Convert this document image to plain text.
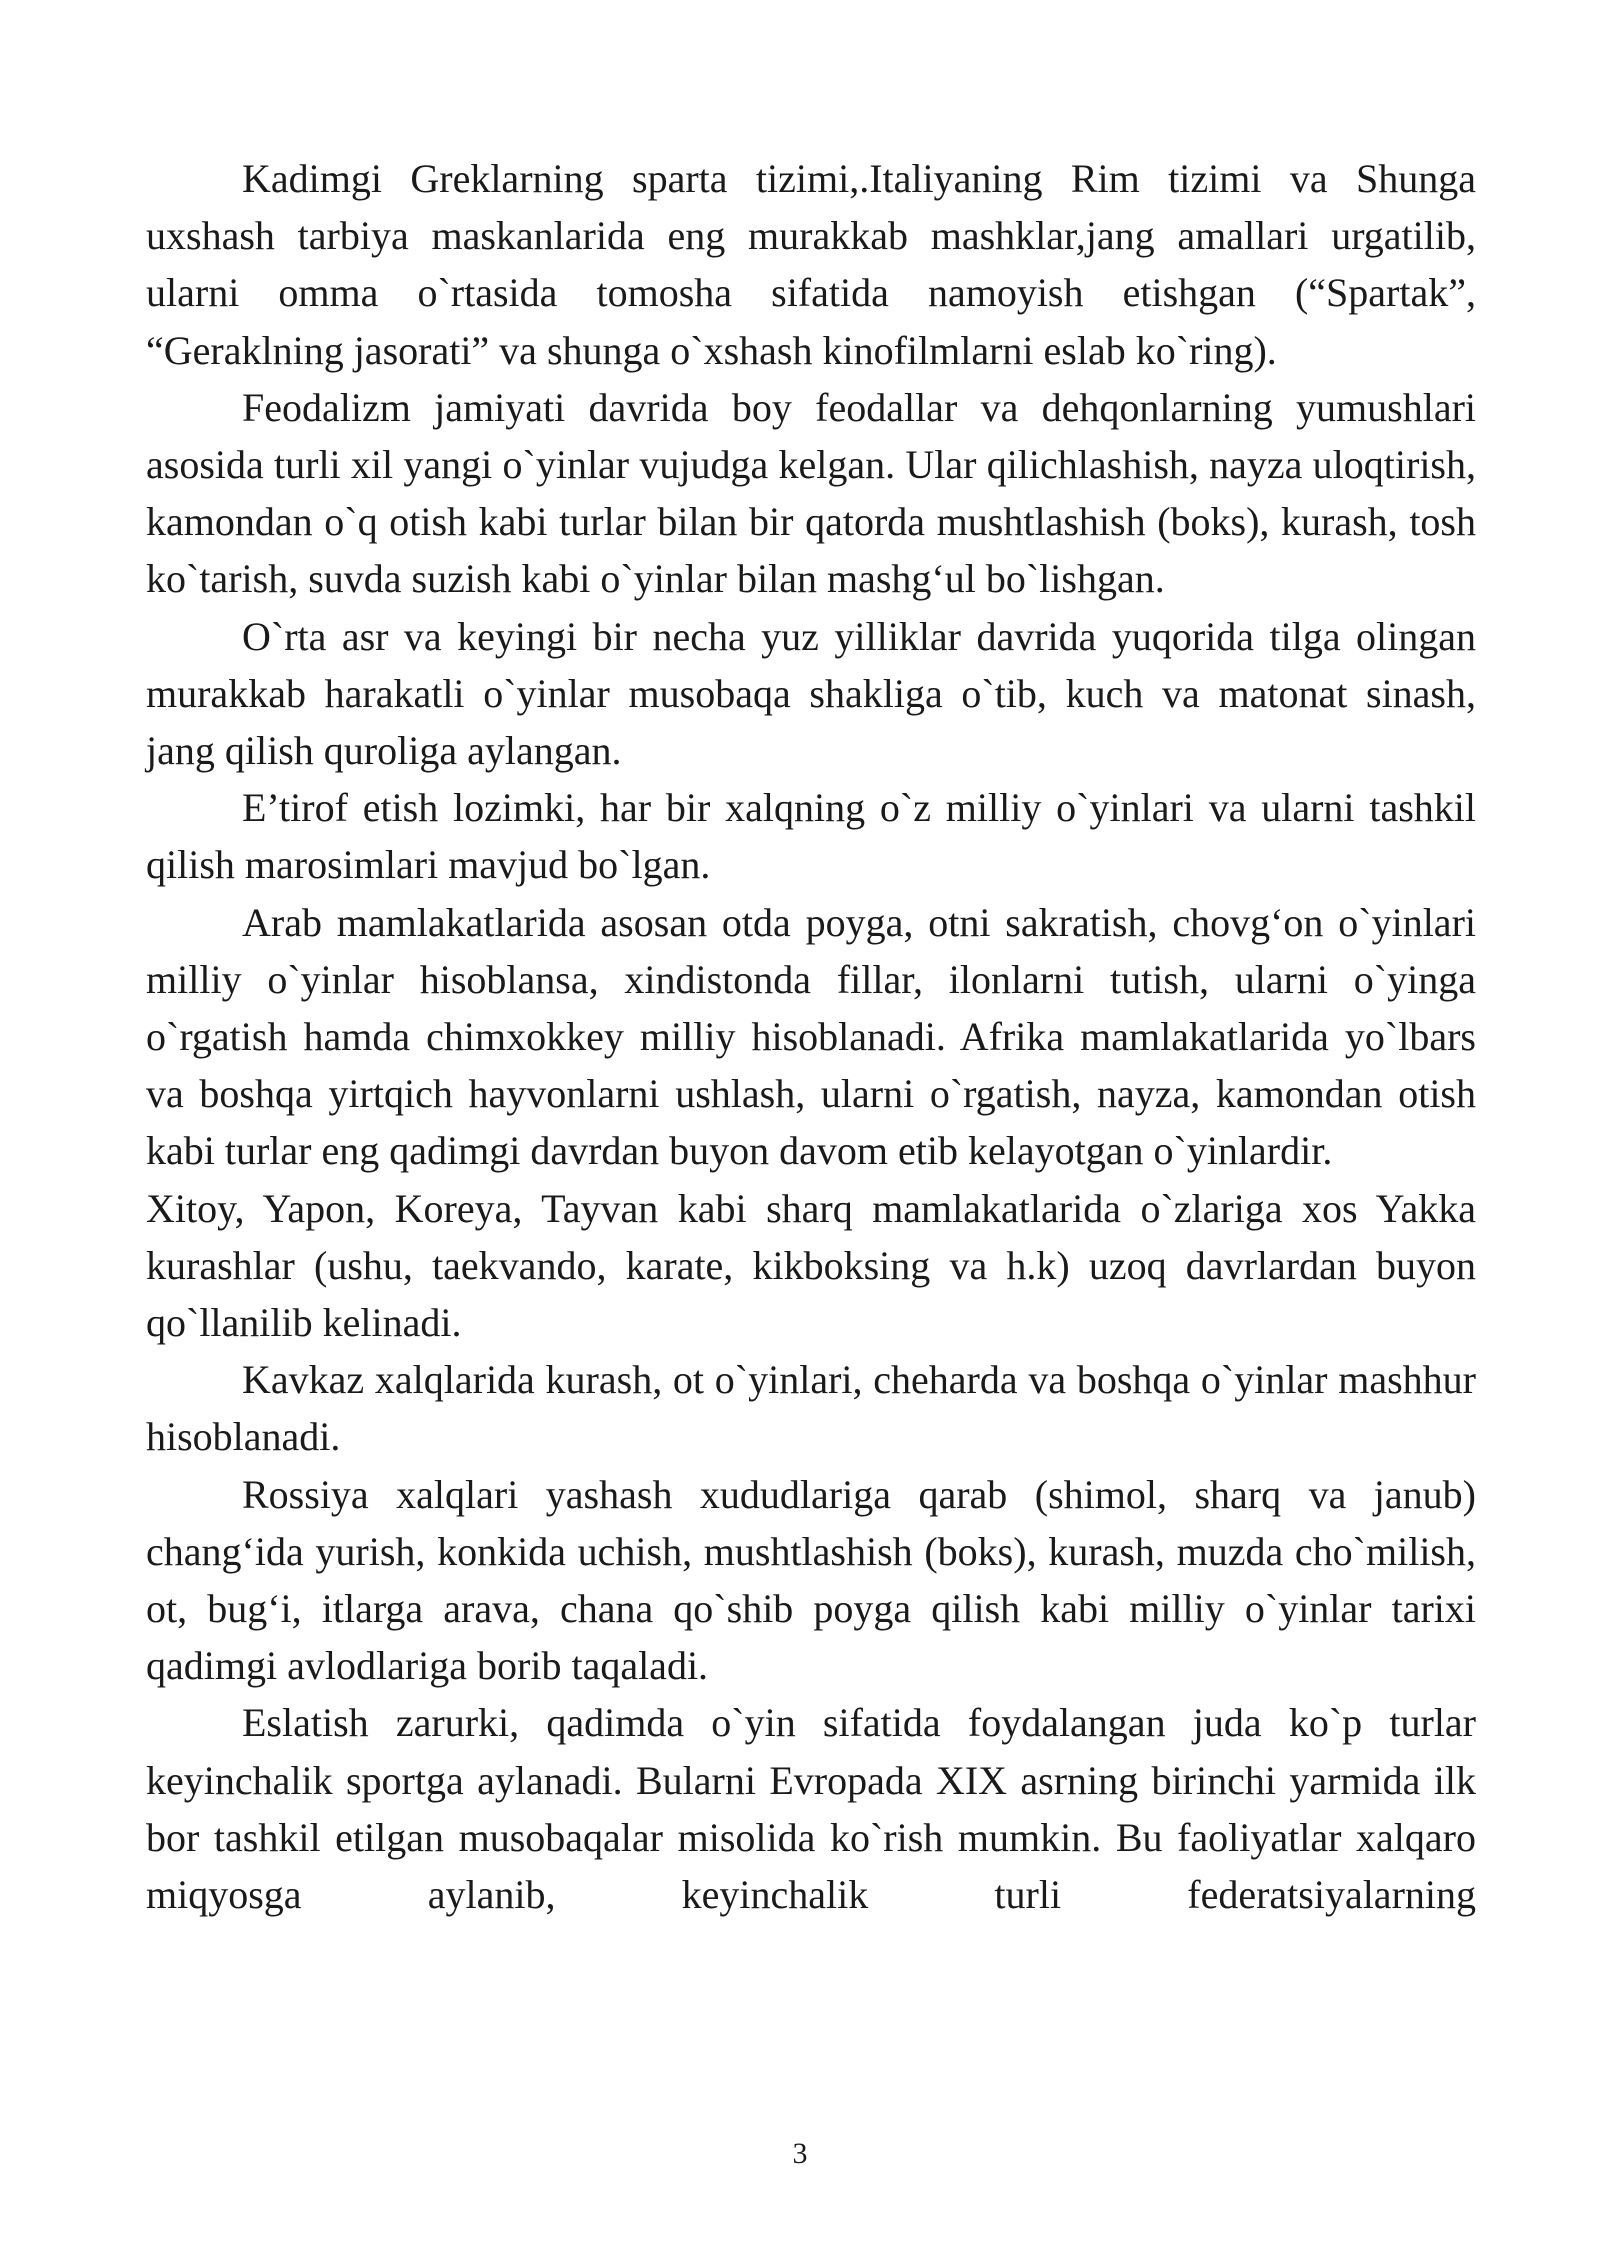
Kadimgi Greklarning sparta tizimi,.Italiyaning Rim tizimi va Shunga uxshash tarbiya maskanlarida eng murakkab mashklar,jang amallari urgatilib, ularni omma o`rtasida tomosha sifatida namoyish etishgan (“Spartak”, “Geraklning jasorati” va shunga o`xshash kinofilmlarni eslab ko`ring).

Feodalizm jamiyati davrida boy feodallar va dehqonlarning yumushlari asosida turli xil yangi o`yinlar vujudga kelgan. Ular qilichlashish, nayza uloqtirish, kamondan o`q otish kabi turlar bilan bir qatorda mushtlashish (boks), kurash, tosh ko`tarish, suvda suzish kabi o`yinlar bilan mashg‘ul bo`lishgan.

O`rta asr va keyingi bir necha yuz yilliklar davrida yuqorida tilga olingan murakkab harakatli o`yinlar musobaqa shakliga o`tib, kuch va matonat sinash, jang qilish quroliga aylangan.

E’tirof etish lozimki, har bir xalqning o`z milliy o`yinlari va ularni tashkil qilish marosimlari mavjud bo`lgan.

Arab mamlakatlarida asosan otda poyga, otni sakratish, chovg‘on o`yinlari milliy o`yinlar hisoblansa, xindistonda fillar, ilonlarni tutish, ularni o`yinga o`rgatish hamda chimxokkey milliy hisoblanadi. Afrika mamlakatlarida yo`lbars va boshqa yirtqich hayvonlarni ushlash, ularni o`rgatish, nayza, kamondan otish kabi turlar eng qadimgi davrdan buyon davom etib kelayotgan o`yinlardir.

Xitoy, Yapon, Koreya, Tayvan kabi sharq mamlakatlarida o`zlariga xos Yakka kurashlar (ushu, taekvando, karate, kikboksing va h.k) uzoq davrlardan buyon qo`llanilib kelinadi.

Kavkaz xalqlarida kurash, ot o`yinlari, cheharda va boshqa o`yinlar mashhur hisoblanadi.

Rossiya xalqlari yashash xududlariga qarab (shimol, sharq va janub) chang‘ida yurish, konkida uchish, mushtlashish (boks), kurash, muzda cho`milish, ot, bug‘i, itlarga arava, chana qo`shib poyga qilish kabi milliy o`yinlar tarixi qadimgi avlodlariga borib taqaladi.

Eslatish zarurki, qadimda o`yin sifatida foydalangan juda ko`p turlar keyinchalik sportga aylanadi. Bularni Evropada XIX asrning birinchi yarmida ilk bor tashkil etilgan musobaqalar misolida ko`rish mumkin. Bu faoliyatlar xalqaro miqyosga aylanib, keyinchalik turli federatsiyalarning

3
